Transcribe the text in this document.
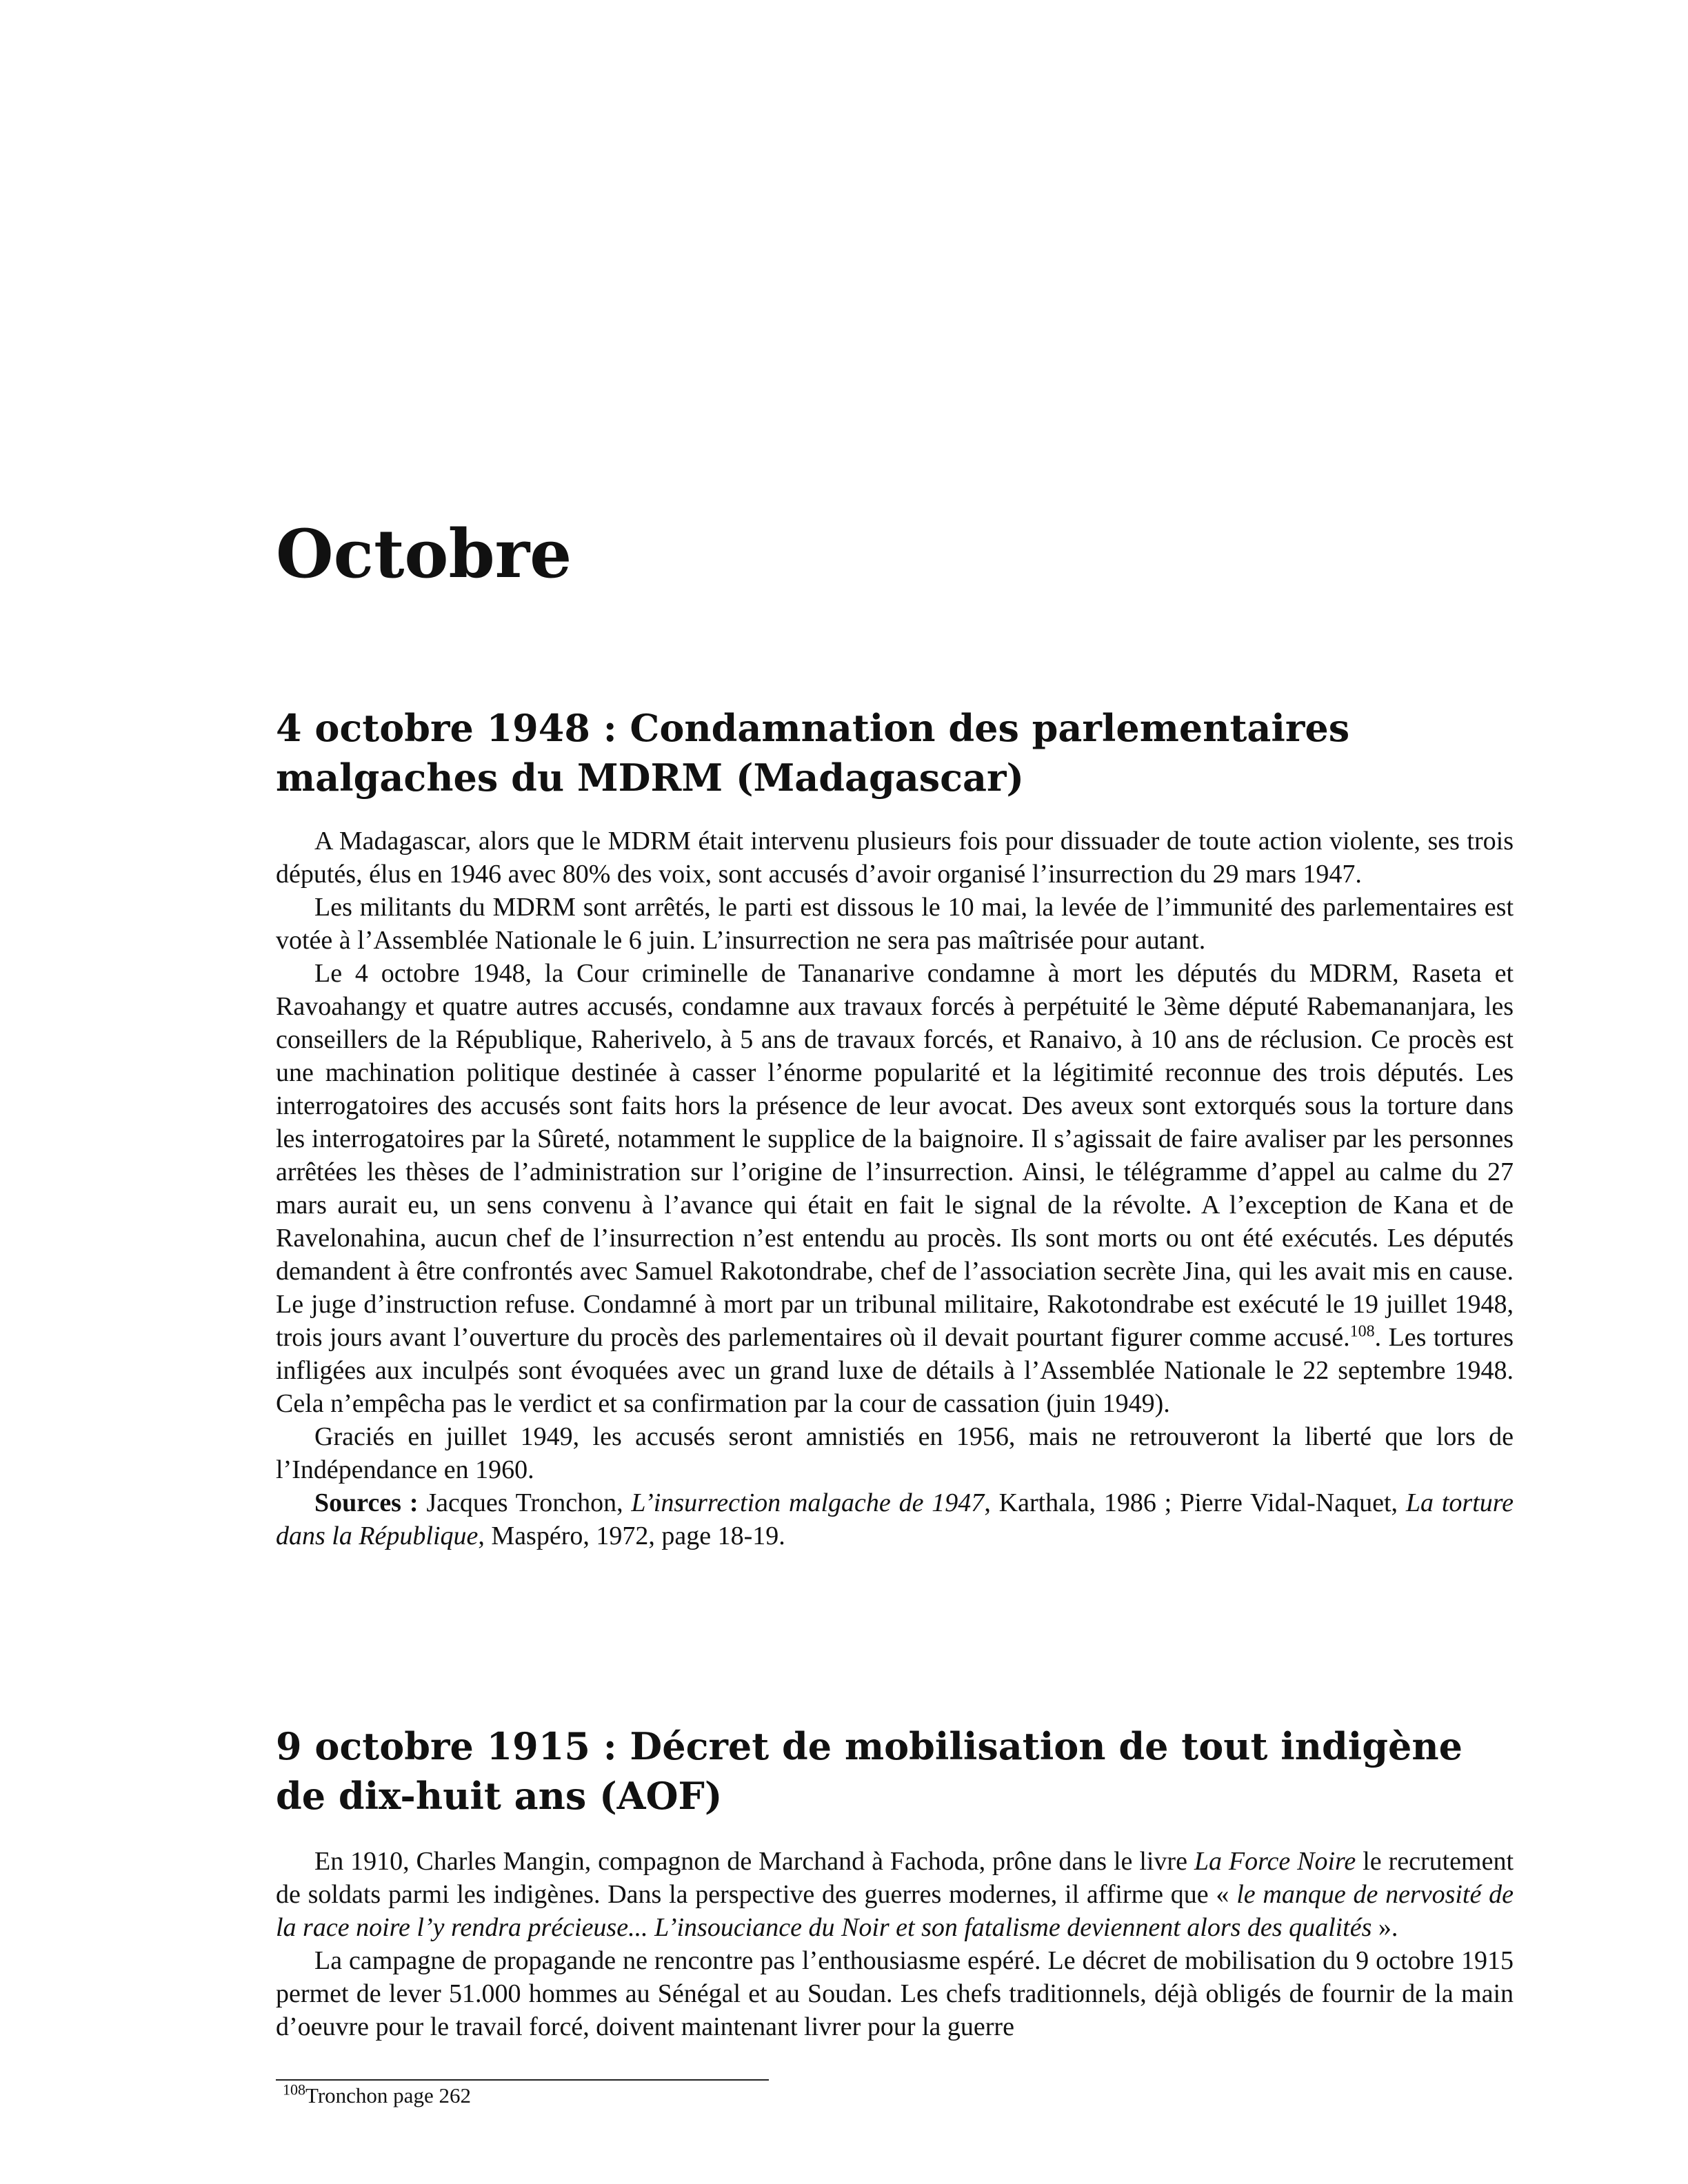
Octobre
4 octobre 1948 : Condamnation des parlementaires malgaches du MDRM (Madagascar)

A Madagascar, alors que le MDRM était intervenu plusieurs fois pour dissuader de toute action violente, ses trois députés, élus en 1946 avec 80% des voix, sont accusés d’avoir organisé l’insurrection du 29 mars 1947.

Les militants du MDRM sont arrêtés, le parti est dissous le 10 mai, la levée de l’immunité des parlementaires est votée à l’Assemblée Nationale le 6 juin. L’insurrection ne sera pas maîtrisée pour autant.

Le 4 octobre 1948, la Cour criminelle de Tananarive condamne à mort les députés du MDRM, Raseta et Ravoahangy et quatre autres accusés, condamne aux travaux forcés à perpétuité le 3ème député Rabemananjara, les conseillers de la République, Raherivelo, à 5 ans de travaux forcés, et Ranaivo, à 10 ans de réclusion. Ce procès est une machination politique destinée à casser l’énorme popularité et la légitimité reconnue des trois députés. Les interrogatoires des accusés sont faits hors la présence de leur avocat. Des aveux sont extorqués sous la torture dans les interrogatoires par la Sûreté, notamment le supplice de la baignoire. Il s’agissait de faire avaliser par les personnes arrêtées les thèses de l’administration sur l’origine de l’insurrection. Ainsi, le télégramme d’appel au calme du 27 mars aurait eu, un sens convenu à l’avance qui était en fait le signal de la révolte. A l’exception de Kana et de Ravelonahina, aucun chef de l’insurrection n’est entendu au procès. Ils sont morts ou ont été exécutés. Les députés demandent à être confrontés avec Samuel Rakotondrabe, chef de l’association secrète Jina, qui les avait mis en cause. Le juge d’instruction refuse. Condamné à mort par un tribunal militaire, Rakotondrabe est exécuté le 19 juillet 1948, trois jours avant l’ouverture du procès des parlementaires où il devait pourtant figurer comme accusé.$^{108}$. Les tortures infligées aux inculpés sont évoquées avec un grand luxe de détails à l’Assemblée Nationale le 22 septembre 1948. Cela n’empêcha pas le verdict et sa confirmation par la cour de cassation (juin 1949).

Graciés en juillet 1949, les accusés seront amnistiés en 1956, mais ne retrouveront la liberté que lors de l’Indépendance en 1960.

Sources : Jacques Tronchon, L’insurrection malgache de 1947, Karthala, 1986 ; Pierre Vidal-Naquet, La torture dans la République, Maspéro, 1972, page 18-19.

9 octobre 1915 : Décret de mobilisation de tout indigène de dix-huit ans (AOF)

En 1910, Charles Mangin, compagnon de Marchand à Fachoda, prône dans le livre La Force Noire le recrutement de soldats parmi les indigènes. Dans la perspective des guerres modernes, il affirme que « le manque de nervosité de la race noire l’y rendra précieuse... L’insouciance du Noir et son fatalisme deviennent alors des qualités ».

La campagne de propagande ne rencontre pas l’enthousiasme espéré. Le décret de mobilisation du 9 octobre 1915 permet de lever 51.000 hommes au Sénégal et au Soudan. Les chefs traditionnels, déjà obligés de fournir de la main d’oeuvre pour le travail forcé, doivent maintenant livrer pour la guerre

$^{108}$Tronchon page 262
